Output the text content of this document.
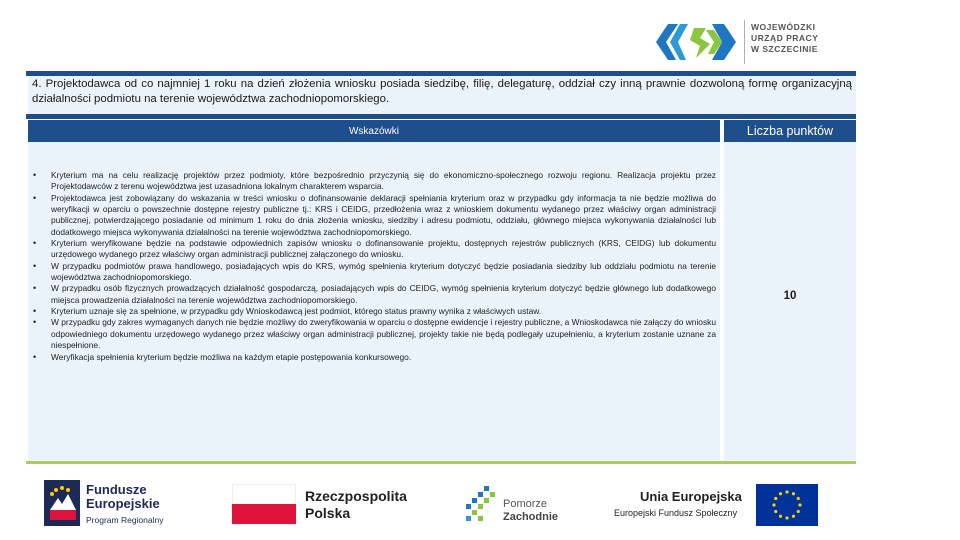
WOJEWÓDZKI
URZĄD PRACY
W SZCZECINIE
4. Projektodawca od co najmniej 1 roku na dzień złożenia wniosku posiada siedzibę, filię, delegaturę, oddział czy inną prawnie dozwoloną formę organizacyjną działalności podmiotu na terenie województwa zachodniopomorskiego.
Wskazówki	Liczba punktów
• Kryterium ma na celu realizację projektów przez podmioty, które bezpośrednio przyczynią się do ekonomiczno-społecznego rozwoju regionu. Realizacja projektu przez Projektodawców z terenu województwa jest uzasadniona lokalnym charakterem wsparcia.
• Projektodawca jest zobowiązany do wskazania w treści wniosku o dofinansowanie deklaracji spełniania kryterium oraz w przypadku gdy informacja ta nie będzie możliwa do weryfikacji w oparciu o powszechnie dostępne rejestry publiczne tj.: KRS i CEIDG, przedłożenia wraz z wnioskiem dokumentu wydanego przez właściwy organ administracji publicznej, potwierdzającego posiadanie od minimum 1 roku do dnia złożenia wniosku, siedziby i adresu podmiotu, oddziału, głównego miejsca wykonywania działalności lub dodatkowego miejsca wykonywania działalności na terenie województwa zachodniopomorskiego.
• Kryterium weryfikowane będzie na podstawie odpowiednich zapisów wniosku o dofinansowanie projektu, dostępnych rejestrów publicznych (KRS, CEIDG) lub dokumentu urzędowego wydanego przez właściwy organ administracji publicznej załączonego do wniosku.
• W przypadku podmiotów prawa handlowego, posiadających wpis do KRS, wymóg spełnienia kryterium dotyczyć będzie posiadania siedziby lub oddziału podmiotu na terenie województwa zachodniopomorskiego.
• W przypadku osób fizycznych prowadzących działalność gospodarczą, posiadających wpis do CEIDG, wymóg spełnienia kryterium dotyczyć będzie głównego lub dodatkowego miejsca prowadzenia działalności na terenie województwa zachodniopomorskiego.
• Kryterium uznaje się za spełnione, w przypadku gdy Wnioskodawcą jest podmiot, którego status prawny wynika z właściwych ustaw.
• W przypadku gdy zakres wymaganych danych nie będzie możliwy do zweryfikowania w oparciu o dostępne ewidencje i rejestry publiczne, a Wnioskodawca nie załączy do wniosku odpowiedniego dokumentu urzędowego wydanego przez właściwy organ administracji publicznej, projekty takie nie będą podlegały uzupełnieniu, a kryterium zostanie uznane za niespełnione.
• Weryfikacja spełnienia kryterium będzie możliwa na każdym etapie postępowania konkursowego.
10
Fundusze
Europejskie
Program Regionalny
Rzeczpospolita
Polska
Pomorze
Zachodnie
Unia Europejska
Europejski Fundusz Społeczny
